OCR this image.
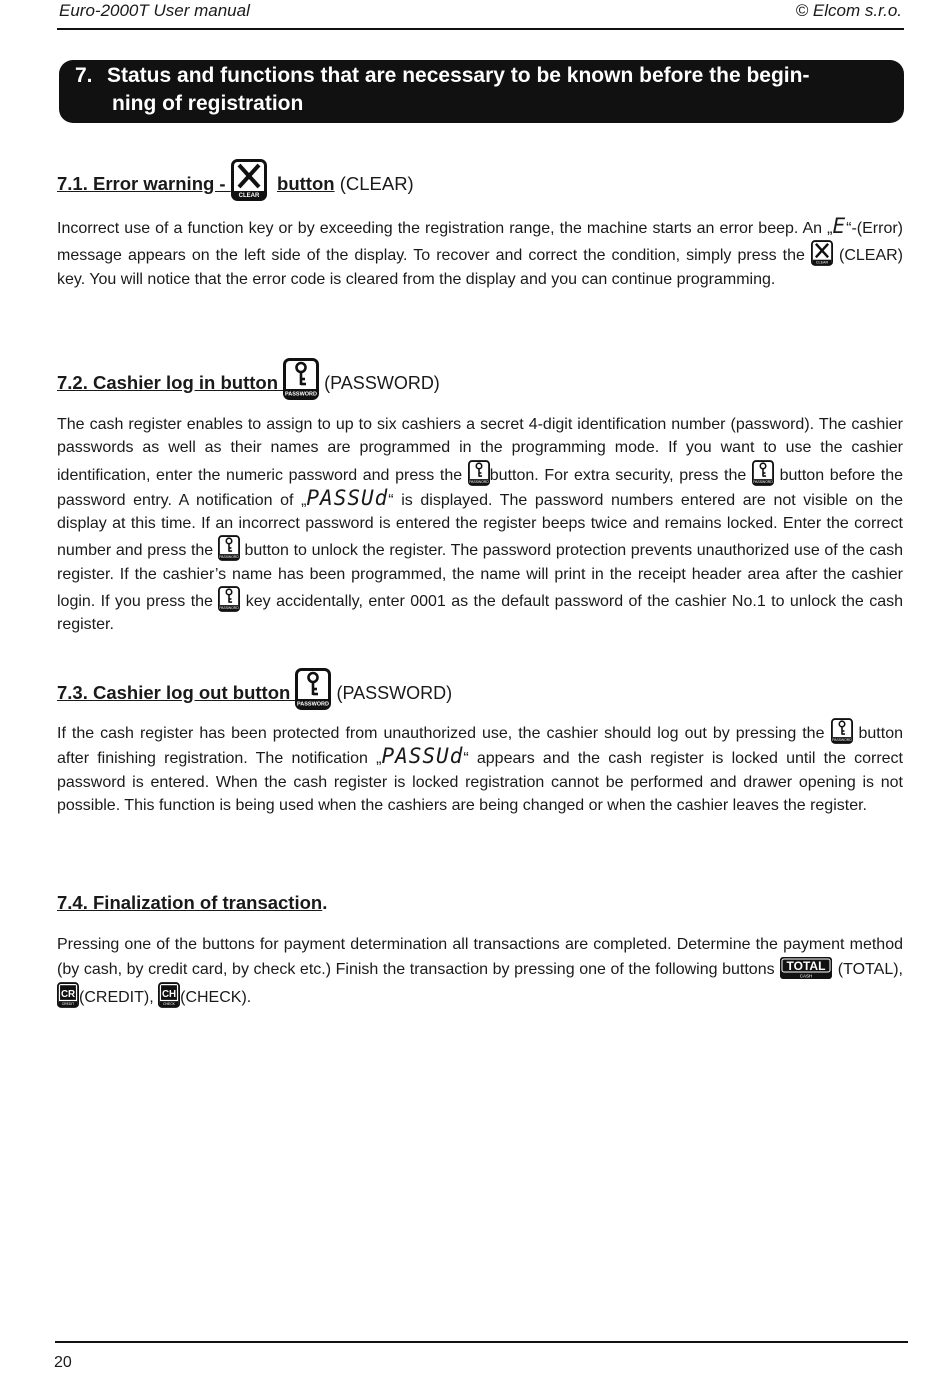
Euro-2000T User manual	© Elcom s.r.o.
7. Status and functions that are necessary to be known before the begin-
ning of registration
7.1. Error warning -
CLEAR
button (CLEAR)
Incorrect use of a function key or by exceeding the registration range, the machine starts an error beep. An „E“-(Error) message appears on the left side of the display. To recover and correct the condition, simply press the CLEAR (CLEAR) key. You will notice that the error code is cleared from the display and you can continue programming.
7.2. Cashier log in button
PASSWORD
(PASSWORD)
The cash register enables to assign to up to six cashiers a secret 4-digit identification number (password). The cashier passwords as well as their names are programmed in the programming mode. If you want to use the cashier identification, enter the numeric password and press the PASSWORD button. For extra security, press the PASSWORD button before the password entry. A notification of „PASSUd“ is displayed. The password numbers entered are not visible on the display at this time. If an incorrect password is entered the register beeps twice and remains locked. Enter the correct number and press the PASSWORD button to unlock the register. The password protection prevents unauthorized use of the cash register. If the cashier’s name has been programmed, the name will print in the receipt header area after the cashier login. If you press the PASSWORD key accidentally, enter 0001 as the default password of the cashier No.1 to unlock the cash register.
7.3. Cashier log out button
PASSWORD
(PASSWORD)
If the cash register has been protected from unauthorized use, the cashier should log out by pressing the PASSWORD button after finishing registration. The notification „PASSUd“ appears and the cash register is locked until the correct password is entered. When the cash register is locked registration cannot be performed and drawer opening is not possible. This function is being used when the cashiers are being changed or when the cashier leaves the register.
7.4. Finalization of transaction.
Pressing one of the buttons for payment determination all transactions are completed. Determine the payment method (by cash, by credit card, by check etc.) Finish the transaction by pressing one of the following buttons TOTAL
CASH (TOTAL),
CR
CREDIT (CREDIT), CH
CHECK (CHECK).
20
